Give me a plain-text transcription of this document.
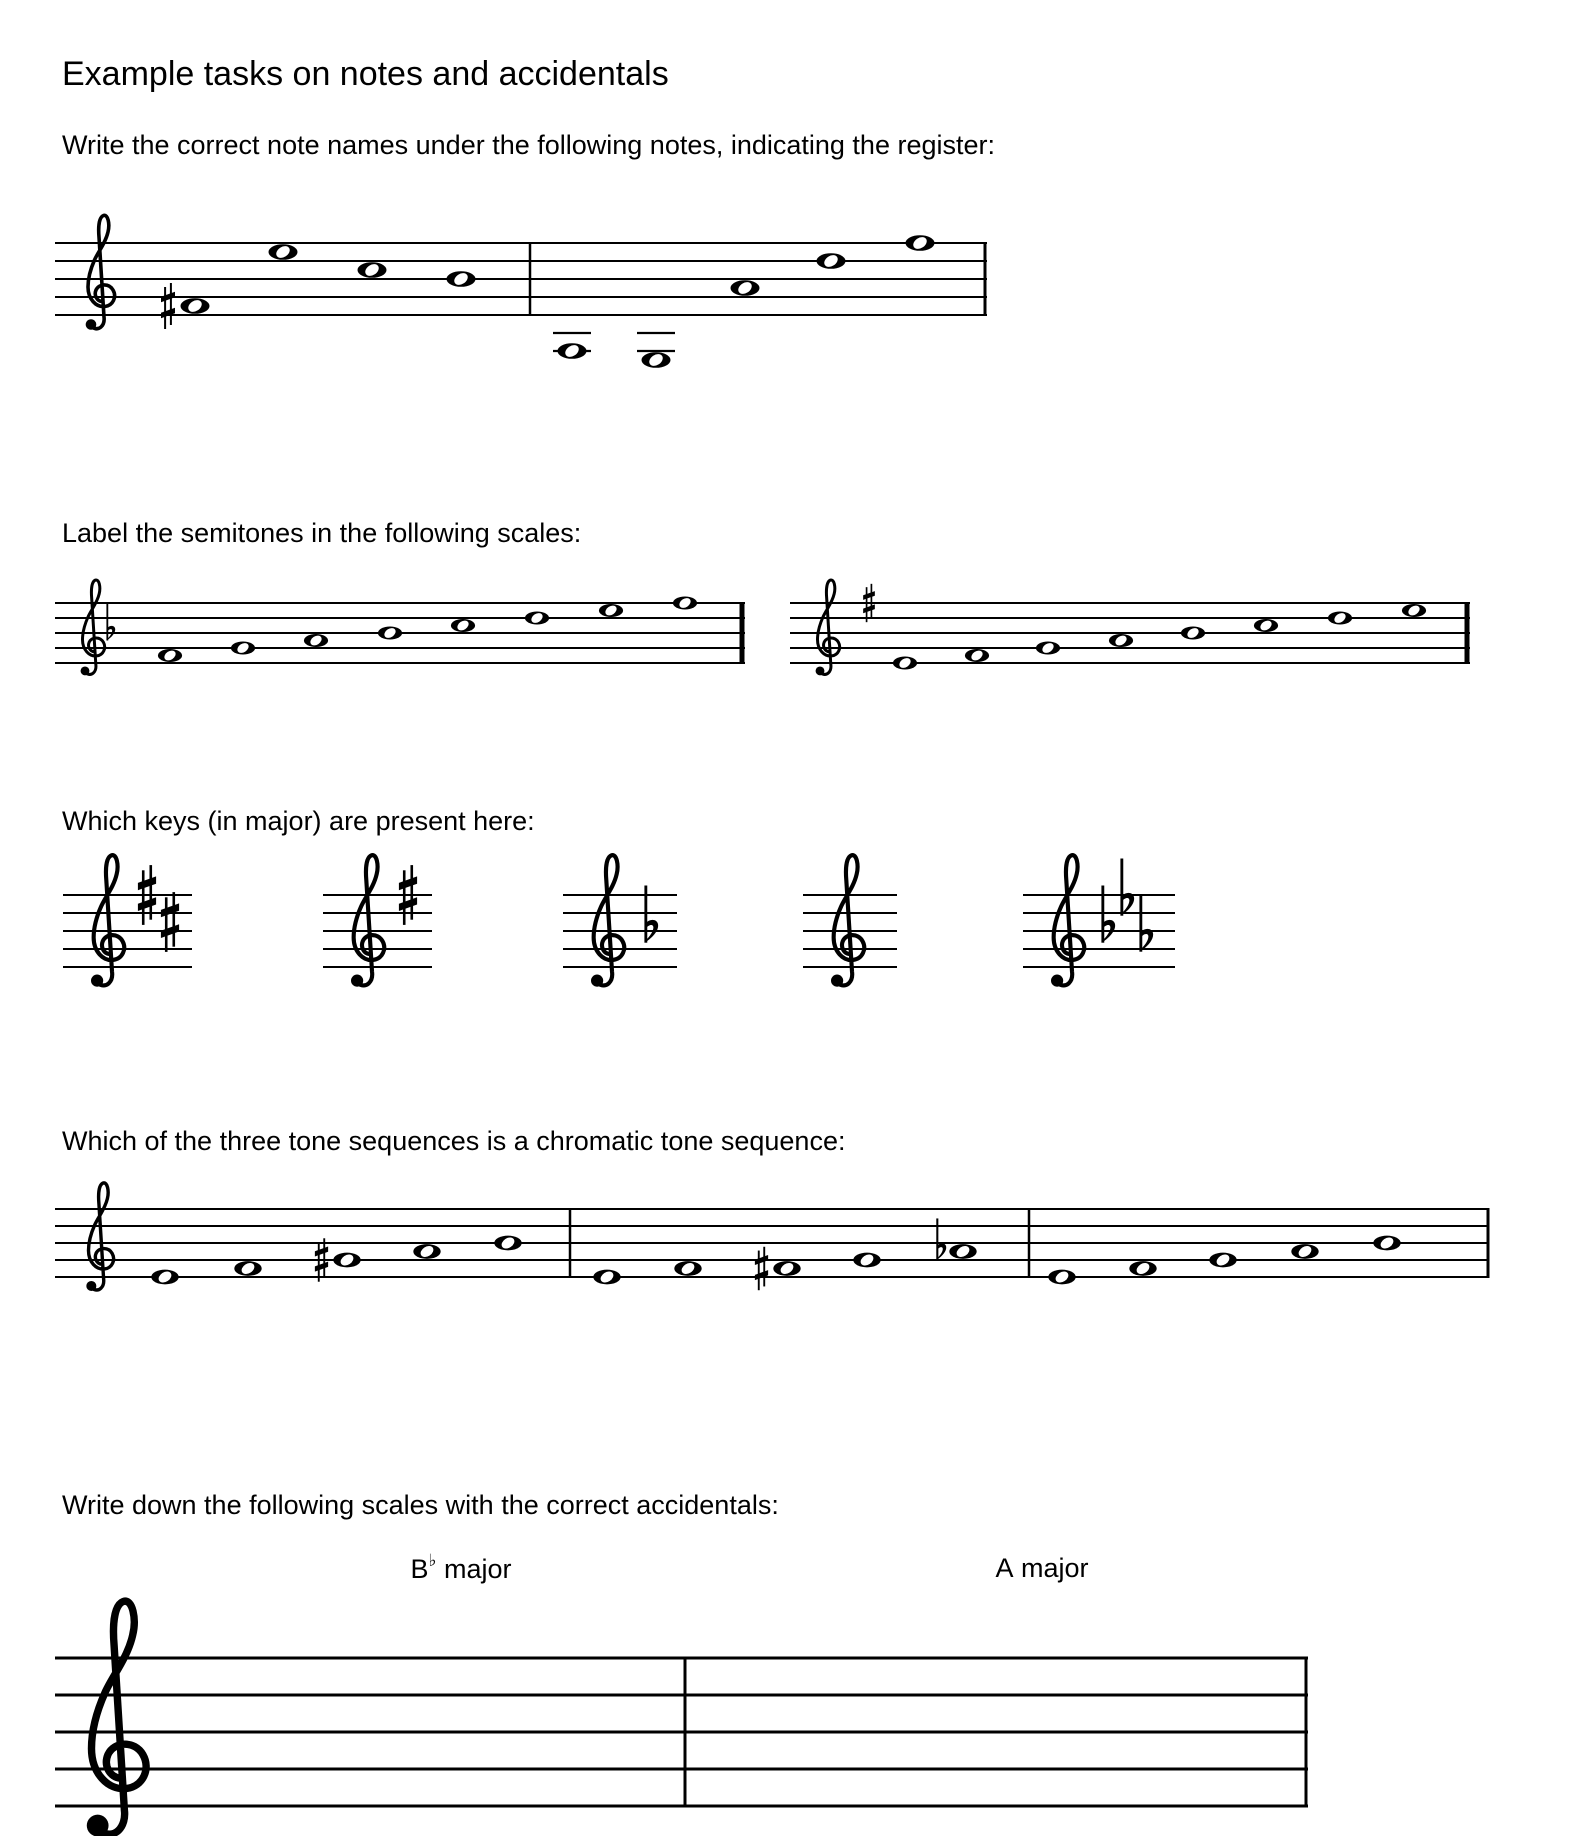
Example tasks on notes and accidentals
Write the correct note names under the following notes, indicating the register:
Label the semitones in the following scales:
Which keys (in major) are present here:
Which of the three tone sequences is a chromatic tone sequence:
Write down the following scales with the correct accidentals:
B♭ major	A major
